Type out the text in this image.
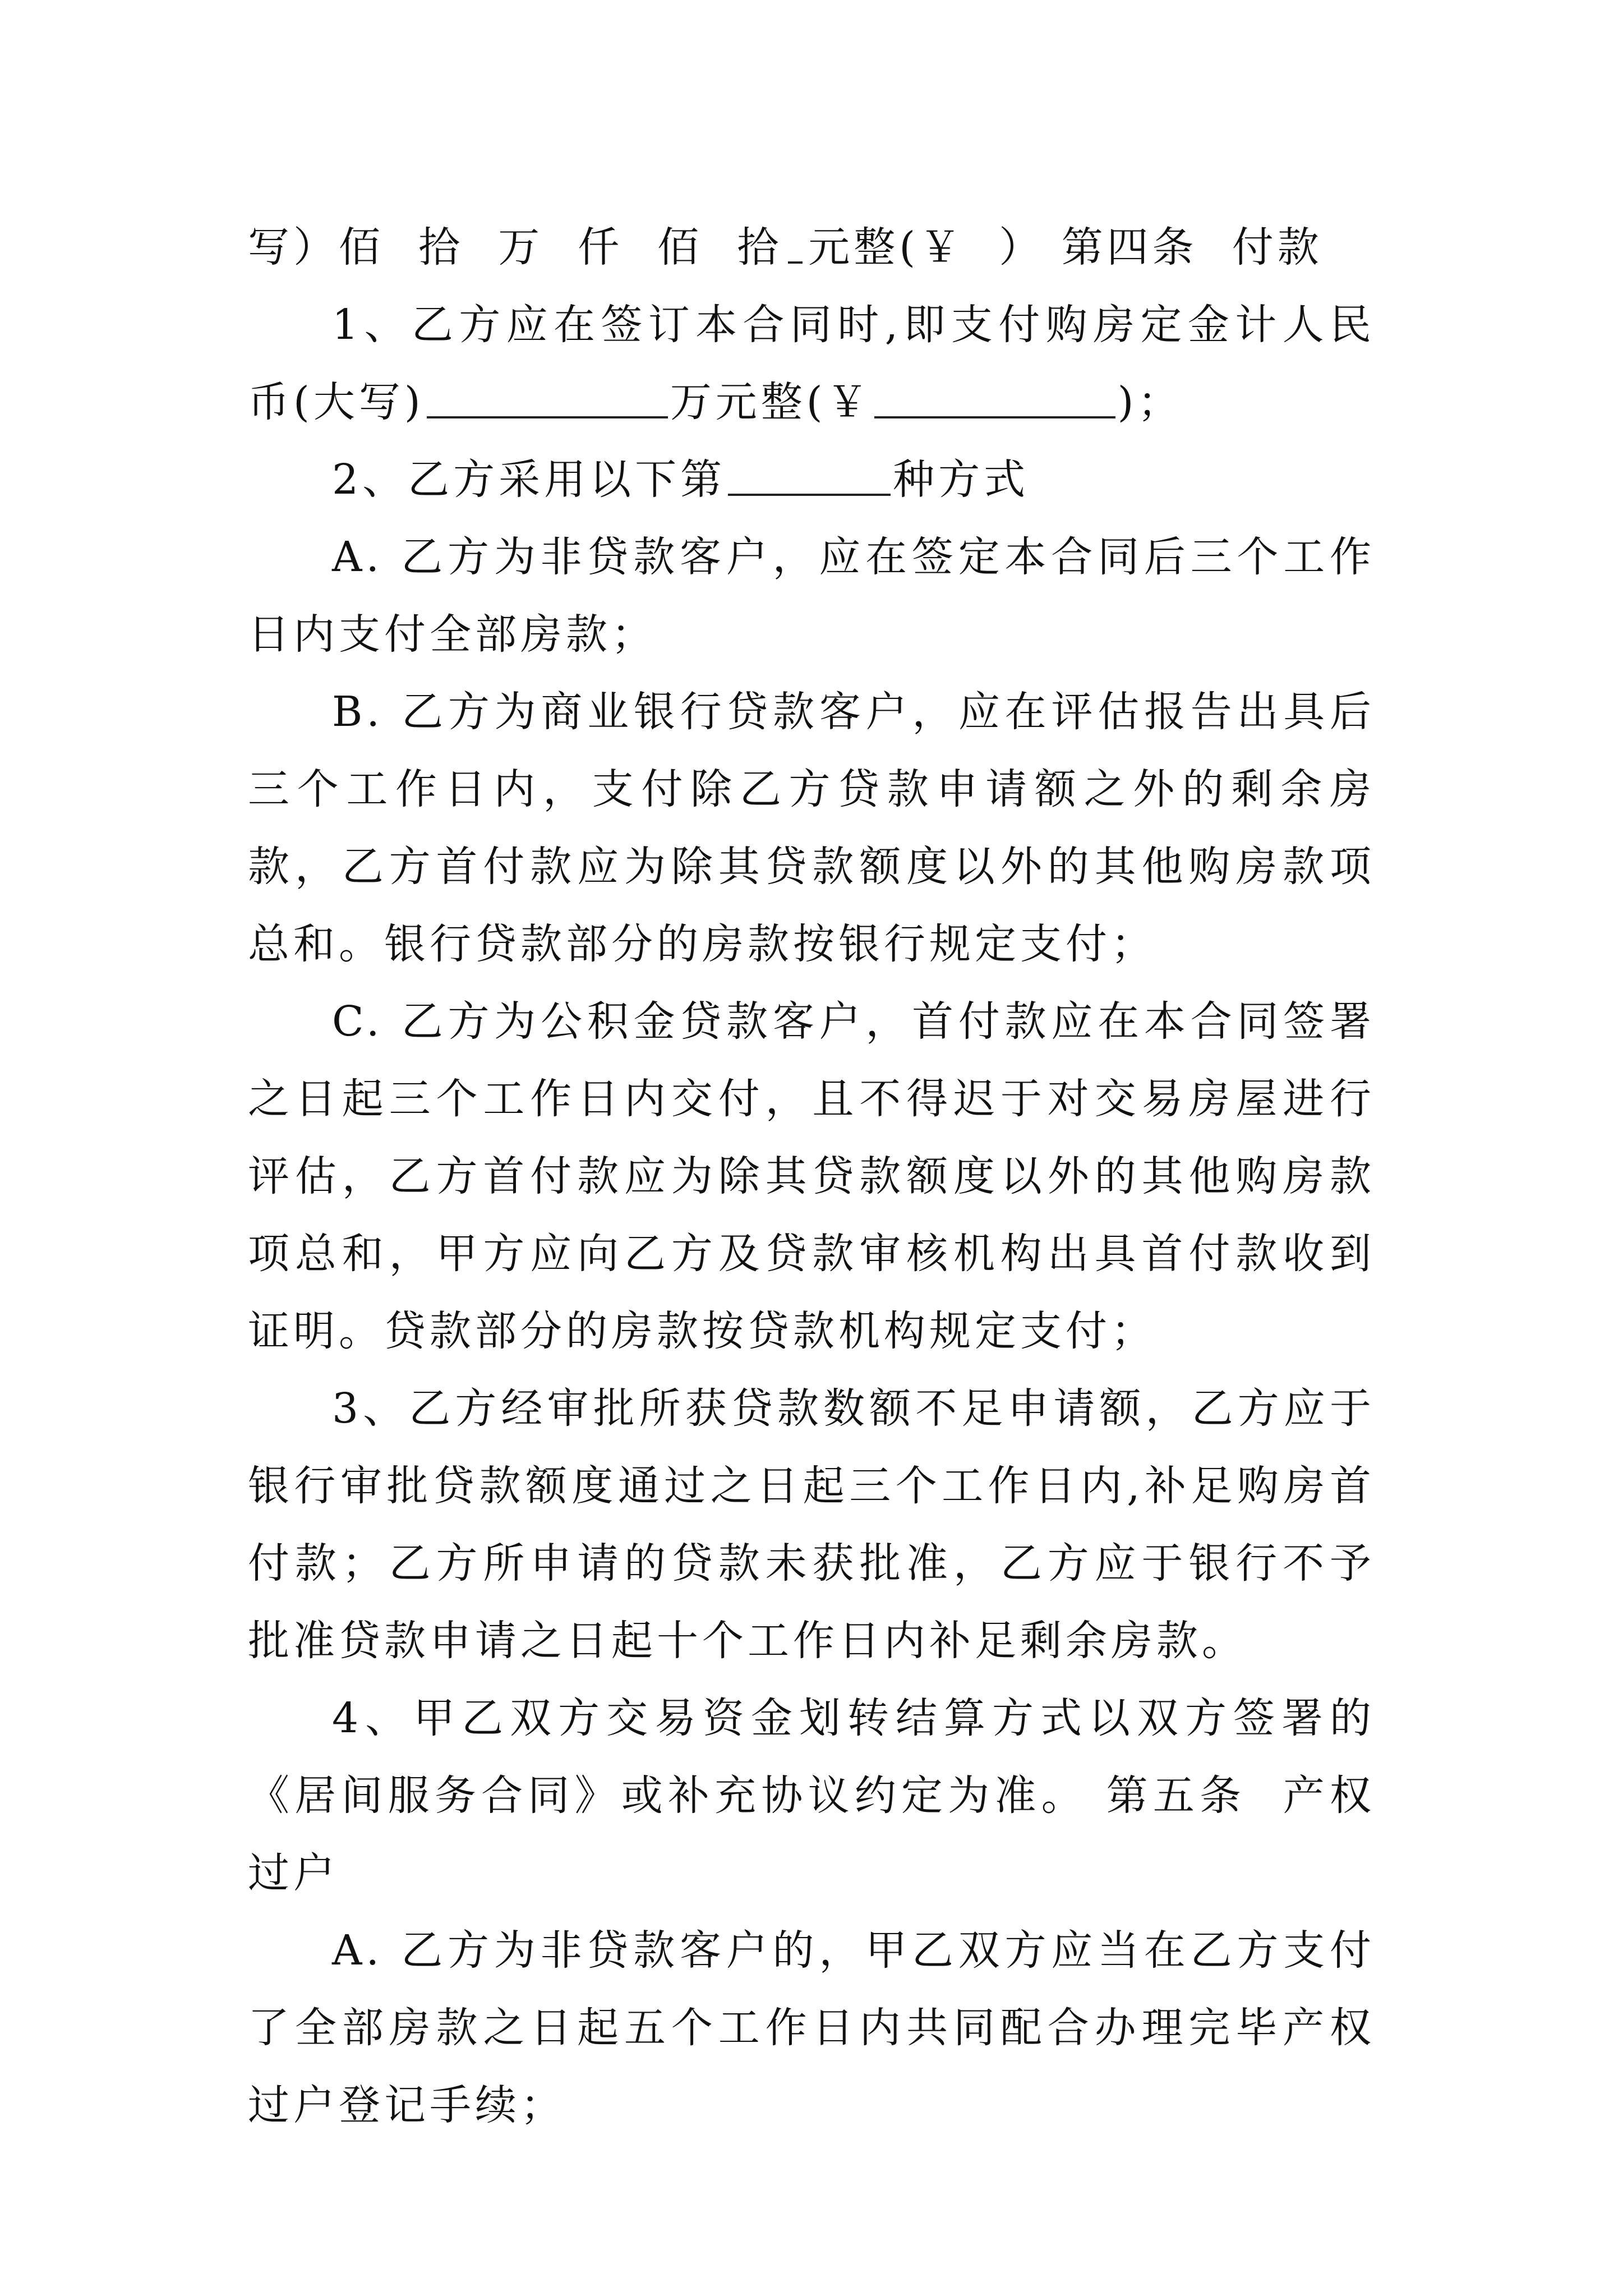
写）佰  拾  万  仟  佰  拾 元整(￥  ） 第四条  付款

1、乙方应在签订本合同时,即支付购房定金计人民币(大写)	万元整(￥	)；

2、乙方采用以下第	种方式

A. 乙方为非贷款客户，应在签定本合同后三个工作日内支付全部房款；

B. 乙方为商业银行贷款客户，应在评估报告出具后三个工作日内，支付除乙方贷款申请额之外的剩余房款，乙方首付款应为除其贷款额度以外的其他购房款项总和。银行贷款部分的房款按银行规定支付；

C. 乙方为公积金贷款客户，首付款应在本合同签署之日起三个工作日内交付，且不得迟于对交易房屋进行评估，乙方首付款应为除其贷款额度以外的其他购房款项总和，甲方应向乙方及贷款审核机构出具首付款收到证明。贷款部分的房款按贷款机构规定支付；

3、乙方经审批所获贷款数额不足申请额，乙方应于银行审批贷款额度通过之日起三个工作日内,补足购房首付款；乙方所申请的贷款未获批准，乙方应于银行不予批准贷款申请之日起十个工作日内补足剩余房款。

4、甲乙双方交易资金划转结算方式以双方签署的《居间服务合同》或补充协议约定为准。 第五条  产权过户

A. 乙方为非贷款客户的，甲乙双方应当在乙方支付了全部房款之日起五个工作日内共同配合办理完毕产权过户登记手续；
